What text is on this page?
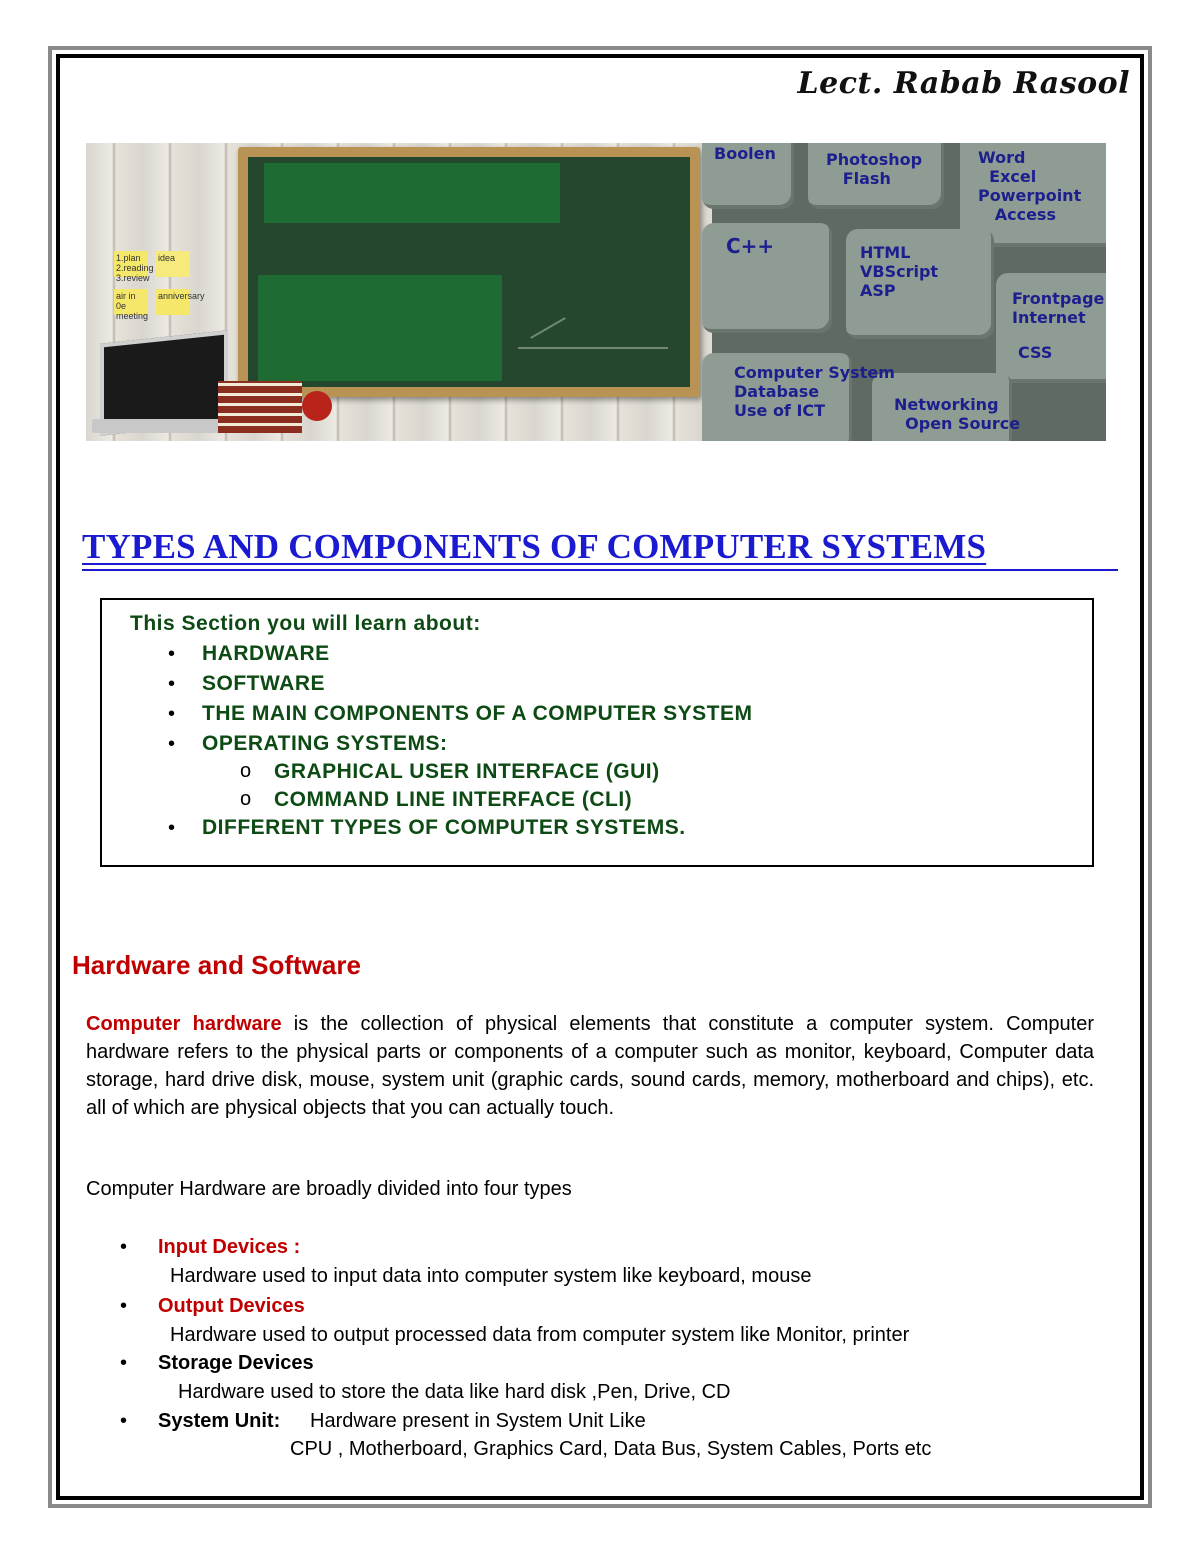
Lect. Rabab Rasool
1.plan 2.reading 3.review
idea
air in 0e meeting
anniversary
Boolen	Photoshop
Flash
Word
Excel
Powerpoint
Access
C++	HTML
VBScript
ASP	Frontpage
Internet
CSS
Computer System
Database
Use of ICT	Networking
Open Source
TYPES AND COMPONENTS OF COMPUTER SYSTEMS
This Section you will learn about:
• HARDWARE
• SOFTWARE
• THE MAIN COMPONENTS OF A COMPUTER SYSTEM
• OPERATING SYSTEMS:
o GRAPHICAL USER INTERFACE (GUI)
o COMMAND LINE INTERFACE (CLI)
• DIFFERENT TYPES OF COMPUTER SYSTEMS.
Hardware and Software
Computer hardware is the collection of physical elements that constitute a computer system. Computer hardware refers to the physical parts or components of a computer such as monitor, keyboard, Computer data storage, hard drive disk, mouse, system unit (graphic cards, sound cards, memory, motherboard and chips), etc. all of which are physical objects that you can actually touch.
Computer Hardware are broadly divided into four types
• Input Devices :
Hardware used to input data into computer system like keyboard, mouse
• Output Devices
Hardware used to output processed data from computer system like Monitor, printer
• Storage Devices
Hardware used to store the data like hard disk ,Pen, Drive, CD
• System Unit: Hardware present in System Unit Like
CPU , Motherboard, Graphics Card, Data Bus, System Cables, Ports etc
